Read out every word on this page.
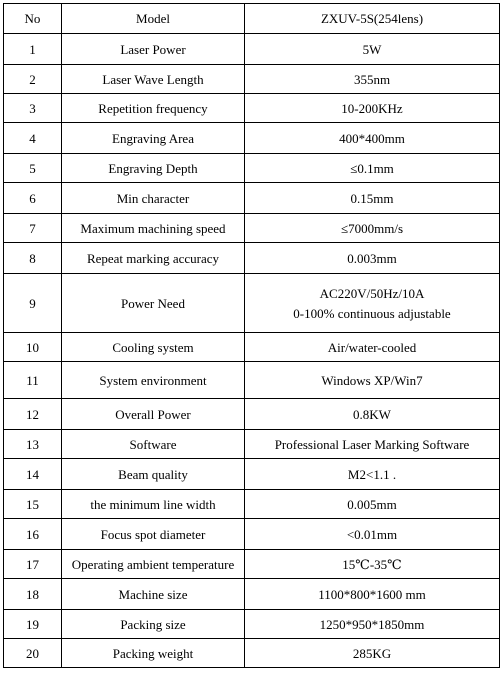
No	Model	ZXUV-5S(254lens)
1	Laser Power	5W

2	Laser Wave Length	355nm

3	Repetition frequency	10-200KHz

4	Engraving Area	400*400mm

5	Engraving Depth	≤0.1mm

6	Min character	0.15mm

7	Maximum machining speed	≤7000mm/s

8	Repeat marking accuracy	0.003mm

9	Power Need	AC220V/50Hz/10A
0-100% continuous adjustable

10	Cooling system	Air/water-cooled

11	System environment	Windows XP/Win7

12	Overall Power	0.8KW

13	Software	Professional Laser Marking Software

14	Beam quality	M2<1.1 .

15	the minimum line width	0.005mm

16	Focus spot diameter	<0.01mm

17	Operating ambient temperature	15℃-35℃

18	Machine size	1100*800*1600 mm

19	Packing size	1250*950*1850mm

20	Packing weight	285KG
